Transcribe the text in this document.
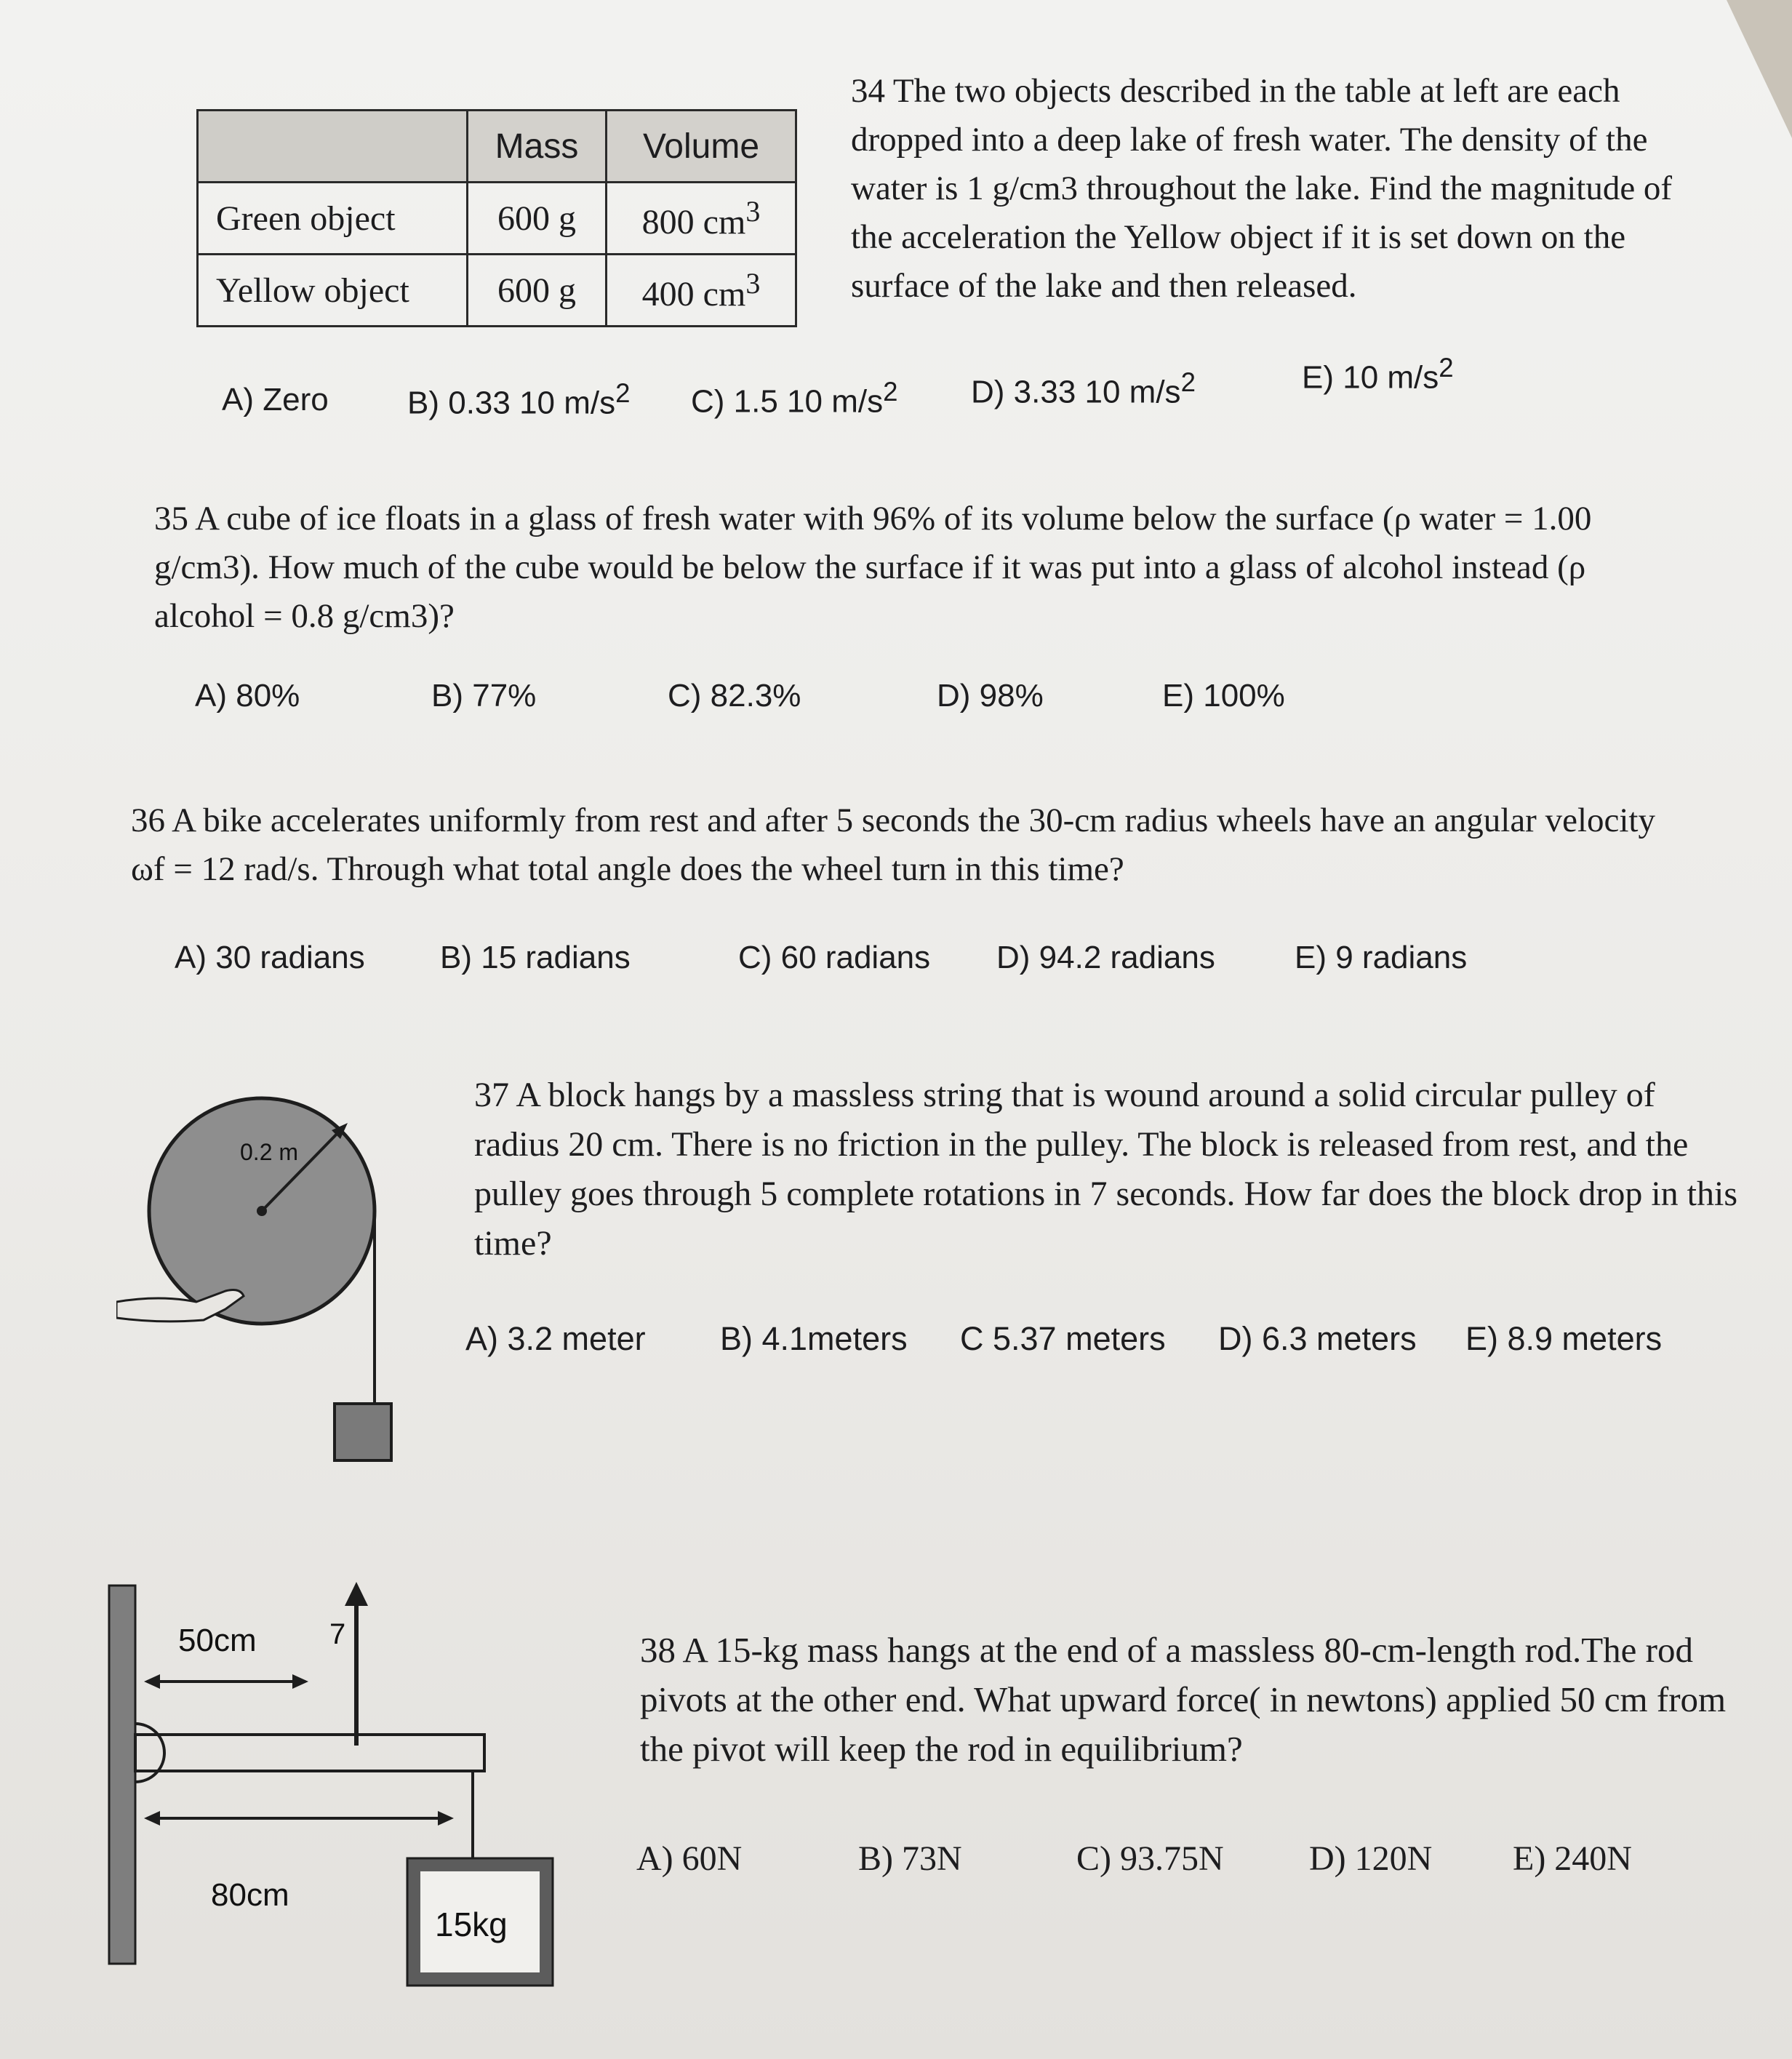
	Mass	Volume
Green object	600 g	800 $cm^3$
Yellow object	600 g	400 $cm^3$
34 The two objects described in the table at left are each dropped into a deep lake of fresh water. The density of the water is 1 g/cm3 throughout the lake. Find the magnitude of the acceleration the Yellow object if it is set down on the surface of the lake and then released.
A) Zero B) 0.33 10 $m/s^2$ C) 1.5 10 $m/s^2$ D) 3.33 10 $m/s^2$	E) 10 $m/s^2$
35 A cube of ice floats in a glass of fresh water with 96% of its volume below the surface (ρ water = 1.00 g/cm3). How much of the cube would be below the surface if it was put into a glass of alcohol instead (ρ alcohol = 0.8 g/cm3)?
A) 80%	B) 77%	C) 82.3%	D) 98%	E) 100%
36 A bike accelerates uniformly from rest and after 5 seconds the 30-cm radius wheels have an angular velocity ωf = 12 rad/s. Through what total angle does the wheel turn in this time?
A) 30 radians	B) 15 radians	C) 60 radians	D) 94.2 radians	E) 9 radians
0.2 m
37 A block hangs by a massless string that is wound around a solid circular pulley of radius 20 cm. There is no friction in the pulley. The block is released from rest, and the pulley goes through 5 complete rotations in 7 seconds. How far does the block drop in this time?
A) 3.2 meter	B) 4.1meters	C 5.37 meters	D) 6.3 meters	E) 8.9 meters
50cm	7
80cm
15kg
38 A 15-kg mass hangs at the end of a massless 80-cm-length rod.The rod pivots at the other end. What upward force( in newtons) applied 50 cm from the pivot will keep the rod in equilibrium?
A) 60N	B) 73N	C) 93.75N	D) 120N	E) 240N
